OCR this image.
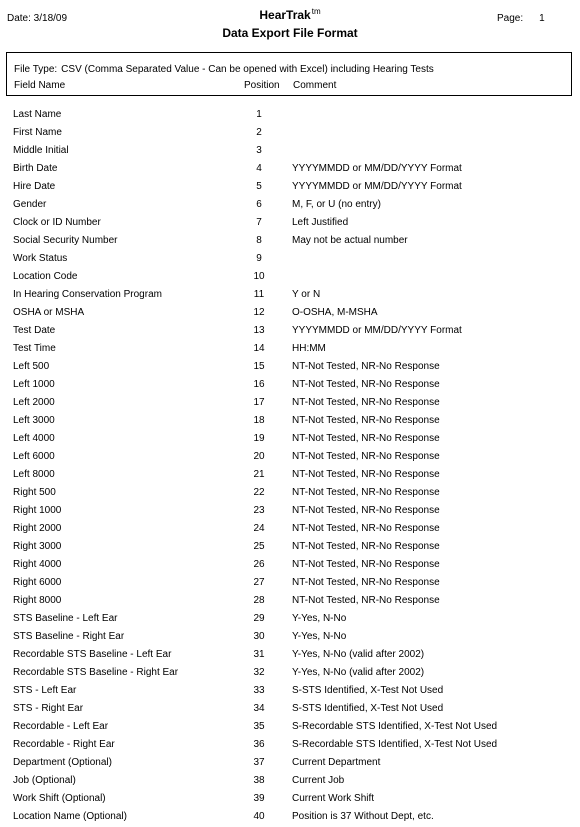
Date: 3/18/09	HearTrak$^{tm}$
Data Export File Format
Page: 1
File Type: CSV (Comma Separated Value - Can be opened with Excel) including Hearing Tests
Field Name	Position Comment
Last Name	1
First Name	2
Middle Initial	3
Birth Date	4	YYYYMMDD or MM/DD/YYYY Format
Hire Date	5	YYYYMMDD or MM/DD/YYYY Format
Gender	6	M, F, or U (no entry)
Clock or ID Number	7	Left Justified
Social Security Number	8	May not be actual number
Work Status	9
Location Code	10
In Hearing Conservation Program	11	Y or N
OSHA or MSHA	12	O-OSHA, M-MSHA
Test Date	13	YYYYMMDD or MM/DD/YYYY Format
Test Time	14	HH:MM
Left 500	15	NT-Not Tested, NR-No Response
Left 1000	16	NT-Not Tested, NR-No Response
Left 2000	17	NT-Not Tested, NR-No Response
Left 3000	18	NT-Not Tested, NR-No Response
Left 4000	19	NT-Not Tested, NR-No Response
Left 6000	20	NT-Not Tested, NR-No Response
Left 8000	21	NT-Not Tested, NR-No Response
Right 500	22	NT-Not Tested, NR-No Response
Right 1000	23	NT-Not Tested, NR-No Response
Right 2000	24	NT-Not Tested, NR-No Response
Right 3000	25	NT-Not Tested, NR-No Response
Right 4000	26	NT-Not Tested, NR-No Response
Right 6000	27	NT-Not Tested, NR-No Response
Right 8000	28	NT-Not Tested, NR-No Response
STS Baseline - Left Ear	29	Y-Yes, N-No
STS Baseline - Right Ear	30	Y-Yes, N-No
Recordable STS Baseline - Left Ear	31	Y-Yes, N-No (valid after 2002)
Recordable STS Baseline - Right Ear	32	Y-Yes, N-No (valid after 2002)
STS - Left Ear	33	S-STS Identified, X-Test Not Used
STS - Right Ear	34	S-STS Identified, X-Test Not Used
Recordable - Left Ear	35	S-Recordable STS Identified, X-Test Not Used
Recordable - Right Ear	36	S-Recordable STS Identified, X-Test Not Used
Department (Optional)	37	Current Department
Job (Optional)	38	Current Job
Work Shift (Optional)	39	Current Work Shift
Location Name (Optional)	40	Position is 37 Without Dept, etc.
